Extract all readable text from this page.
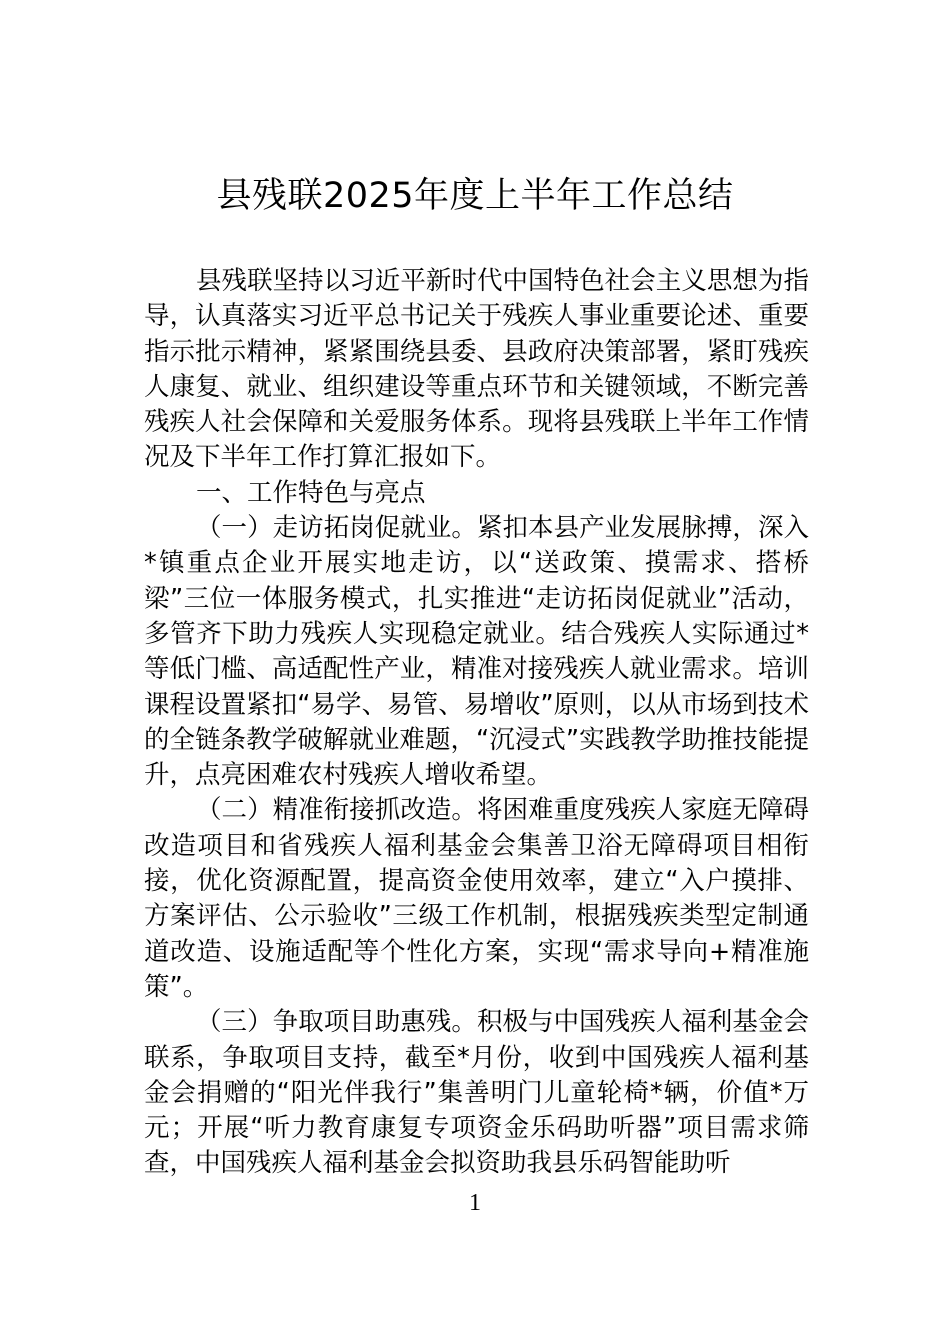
县残联2025年度上半年工作总结

县残联坚持以习近平新时代中国特色社会主义思想为指导，认真落实习近平总书记关于残疾人事业重要论述、重要指示批示精神，紧紧围绕县委、县政府决策部署，紧盯残疾人康复、就业、组织建设等重点环节和关键领域，不断完善残疾人社会保障和关爱服务体系。现将县残联上半年工作情况及下半年工作打算汇报如下。

一、工作特色与亮点

（一）走访拓岗促就业。紧扣本县产业发展脉搏，深入*镇重点企业开展实地走访，以“送政策、摸需求、搭桥梁”三位一体服务模式，扎实推进“走访拓岗促就业”活动，多管齐下助力残疾人实现稳定就业。结合残疾人实际通过*等低门槛、高适配性产业，精准对接残疾人就业需求。培训课程设置紧扣“易学、易管、易增收”原则，以从市场到技术的全链条教学破解就业难题，“沉浸式”实践教学助推技能提升，点亮困难农村残疾人增收希望。

（二）精准衔接抓改造。将困难重度残疾人家庭无障碍改造项目和省残疾人福利基金会集善卫浴无障碍项目相衔接，优化资源配置，提高资金使用效率，建立“入户摸排、方案评估、公示验收”三级工作机制，根据残疾类型定制通道改造、设施适配等个性化方案，实现“需求导向+精准施策”。

（三）争取项目助惠残。积极与中国残疾人福利基金会联系，争取项目支持，截至*月份，收到中国残疾人福利基金会捐赠的“阳光伴我行”集善明门儿童轮椅*辆，价值*万元；开展“听力教育康复专项资金乐码助听器”项目需求筛查，中国残疾人福利基金会拟资助我县乐码智能助听

1
